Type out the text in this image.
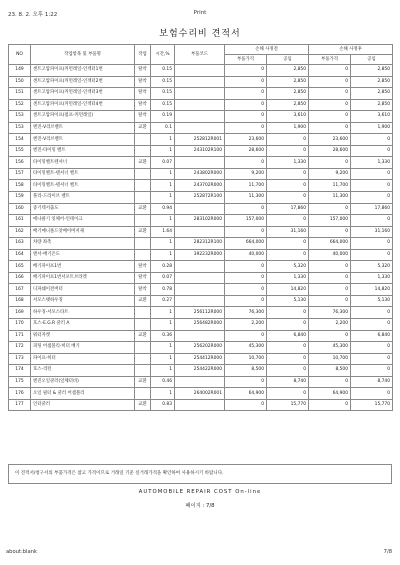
23. 8. 2. 오후 1:22	Print
보험수리비 견적서
NO	작업항목 및 부품명	작업	시간,%	부품코드	손해 사정전		손해 사정후	
					부품가격	공임	부품가격	공임
149	센트고압파이프(커먼레일-인젝터1번	탈착	0.15		0	2,850	0	2,850
150	센트고압파이프(커먼레일-인젝터2번	탈착	0.15		0	2,850	0	2,850
151	센트고압파이프(커먼레일-인젝터3번	탈착	0.15		0	2,850	0	2,850
152	센트고압파이프(커먼레일-인젝터4번	탈착	0.15		0	2,850	0	2,850
153	센트고압파이프(펌프-커먼레일)	탈착	0.19		0	3,610	0	3,610
153	엔진-V리브벨트	교환	0.1		0	1,900	0	1,900
154	엔진-V리브벨트		1	252812R001	23,600	0	23,600	0
155	엔진-타이밍 벨트		1	243102R100	28,600	0	28,600	0
156	타이밍벨트텐셔너	교환	0.07		0	1,330	0	1,330
157	타이밍벨트-텐셔너 벨트		1	243802R000	9,200	0	9,200	0
158	타이밍벨트-텐셔너 벨트		1	243702R000	11,700	0	11,700	0
159	풀리-드라이브 벨트		1	252872R100	11,300	0	11,300	0
160	증기텍서출도	교환	0.94		0	17,860	0	17,860
161	에나클기 잇체어-인테이크		1	283102R000	157,000	0	157,000	0
162	배기매니폴드앗베이버저제	교환	1.64		0	31,160	0	31,160
163	차량 좌측		1	282312R100	664,000	0	664,000	0
164	엔서-배기온도		1	392232R000	40,000	0	40,000	0
165	배기파이프1번	탈착	0.28		0	5,320	0	5,320
166	배기파이프1번서포트브라켓	탈착	0.07		0	1,330	0	1,330
167	디파쉐이전버터	탈착	0.78		0	14,820	0	14,820
168	서모스탯하우징	교환	0.27		0	5,130	0	5,130
169	하우징-서모스타트		1	256112R000	76,300	0	76,300	0
170	호스-E.G.R 쿨러 A		1	256482R000	2,200	0	2,200	0
171	워터자켓	교환	0.36		0	6,840	0	6,840
172	피팅 어셈블리-히터 배기		1	256202R000	45,300	0	45,300	0
173	파이프-히터		1	254412R000	10,700	0	10,700	0
174	호스-리턴		1	254422R000	8,500	0	8,500	0
175	엔진오일쿨러(일체터비)	교환	0.46		0	8,740	0	8,740
176	오일 필터 & 쿨러 어셈블리		1	264002R001	64,900	0	64,900	0
177	인터쿨러	교환	0.83		0	15,770	0	15,770
이 견적서/청구서의 부품가격은 참고 가격이므로 거래일 기준 실거래가격을 확인하여 사용하시기 바랍니다.
AUTOMOBILE REPAIR COST On-line
페이지 : 7/8
about:blank	7/8
